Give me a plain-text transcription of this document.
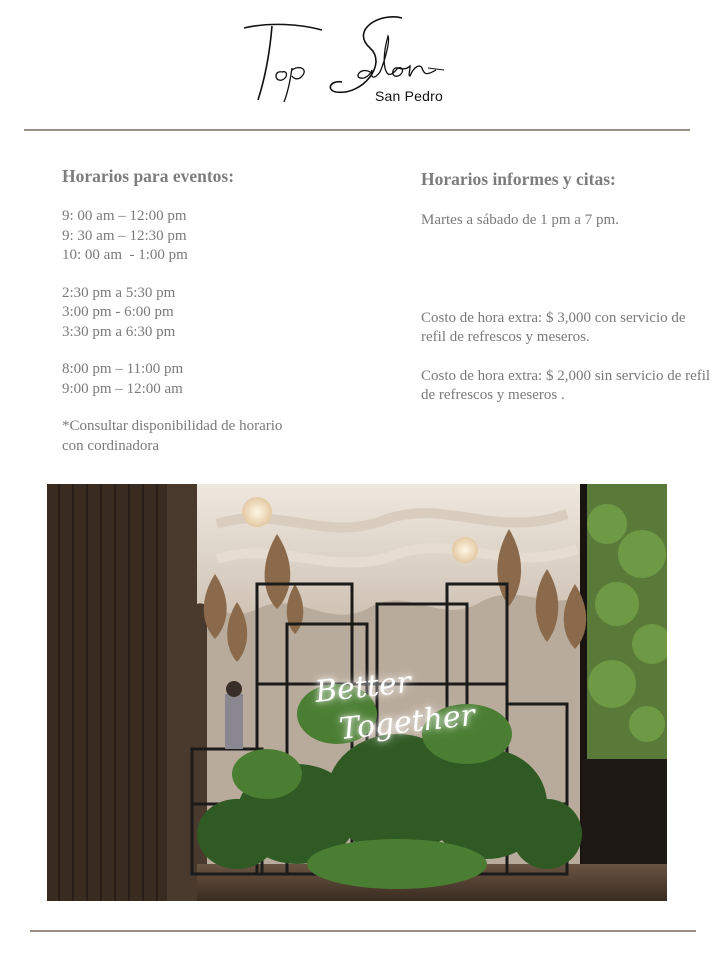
San Pedro
Horarios para eventos:
9: 00 am – 12:00 pm
9: 30 am – 12:30 pm
10: 00 am  - 1:00 pm
2:30 pm a 5:30 pm
3:00 pm - 6:00 pm
3:30 pm a 6:30 pm
8:00 pm – 11:00 pm
9:00 pm – 12:00 am
*Consultar disponibilidad de horario
con cordinadora
Horarios informes y citas:
Martes a sábado de 1 pm a 7 pm.
Costo de hora extra: $ 3,000 con servicio de refil de refrescos y meseros.
Costo de hora extra: $ 2,000 sin servicio de refil de refrescos y meseros .
Better
Together
